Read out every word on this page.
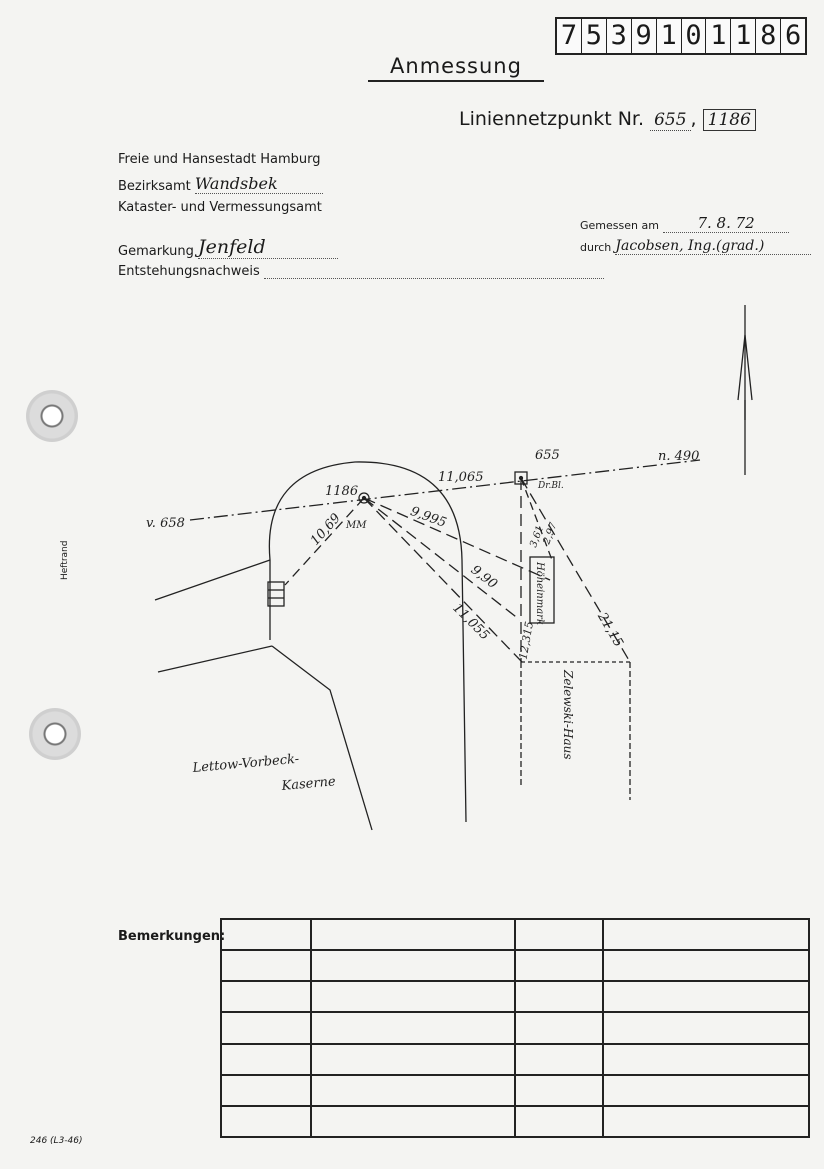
7 5 3 9 1 0 1 1 8 6
Anmessung
Liniennetzpunkt Nr. 655 , 1186
Freie und Hansestadt Hamburg
Bezirksamt Wandsbek
Kataster- und Vermessungsamt
Gemarkung Jenfeld
Entstehungsnachweis
Gemessen am	7. 8. 72
durch Jacobsen, Ing.(grad.)
Heftrand
1186
655
v. 658
n. 490
11,065
10,69	9,995
9,90
11,055 12,315	21,15
2,97
3,61
MM
Dr.Bl.
Höheinmark
Zelewski-Haus
Lettow-Vorbeck-
Kaserne
Bemerkungen:

246 (L3-46)
